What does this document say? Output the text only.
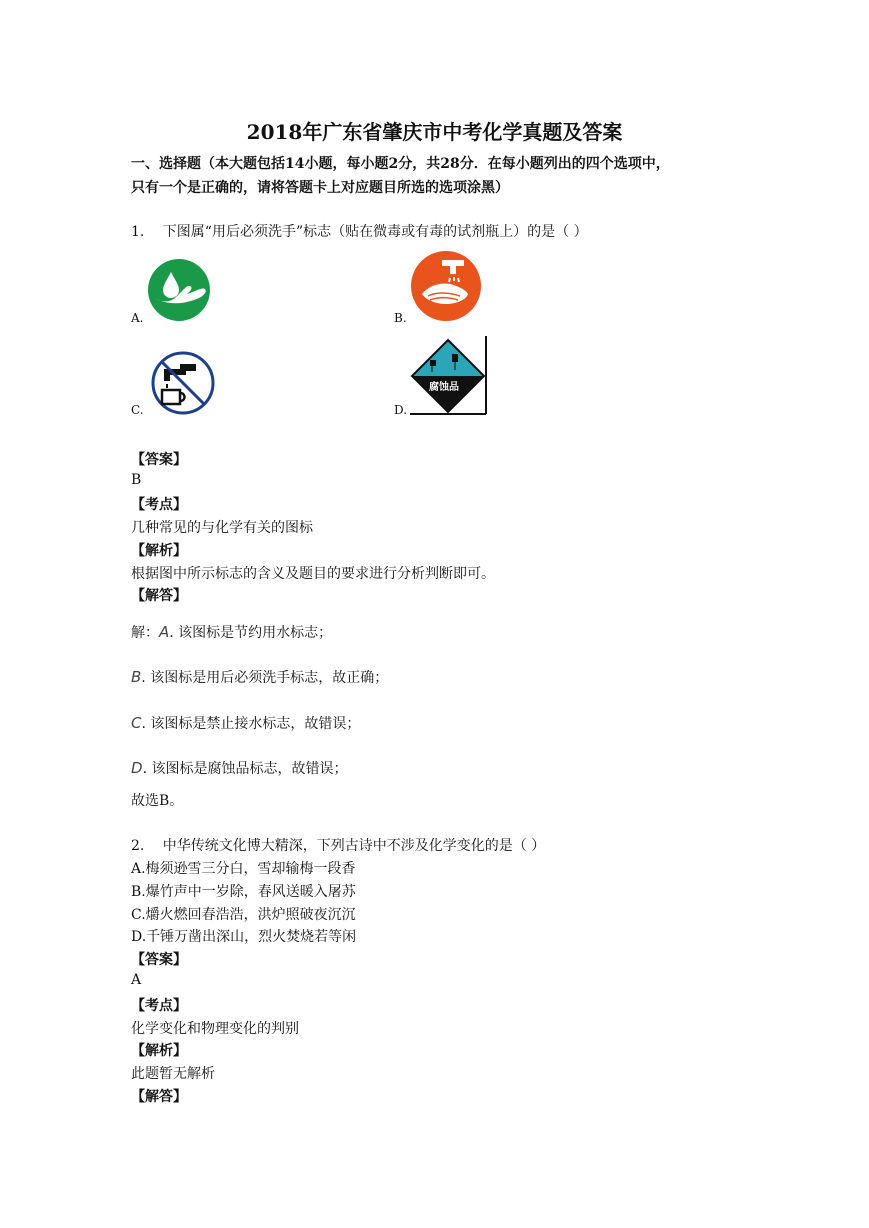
2018年广东省肇庆市中考化学真题及答案
一、选择题（本大题包括14小题，每小题2分，共28分．在每小题列出的四个选项中，
只有一个是正确的，请将答题卡上对应题目所选的选项涂黑）
1.　 下图属“用后必须洗手”标志（贴在微毒或有毒的试剂瓶上）的是（ ）
A.	B.
C.
腐蚀品
D.
【答案】
B
【考点】
几种常见的与化学有关的图标
【解析】
根据图中所示标志的含义及题目的要求进行分析判断即可。
【解答】
解：A. 该图标是节约用水标志；
B. 该图标是用后必须洗手标志，故正确；
C. 该图标是禁止接水标志，故错误；
D. 该图标是腐蚀品标志，故错误；
故选B。
2.　 中华传统文化博大精深，下列古诗中不涉及化学变化的是（ ）
A.梅须逊雪三分白，雪却输梅一段香
B.爆竹声中一岁除，春风送暖入屠苏
C.爝火燃回春浩浩，洪炉照破夜沉沉
D.千锤万凿出深山，烈火焚烧若等闲
【答案】
A
【考点】
化学变化和物理变化的判别
【解析】
此题暂无解析
【解答】
